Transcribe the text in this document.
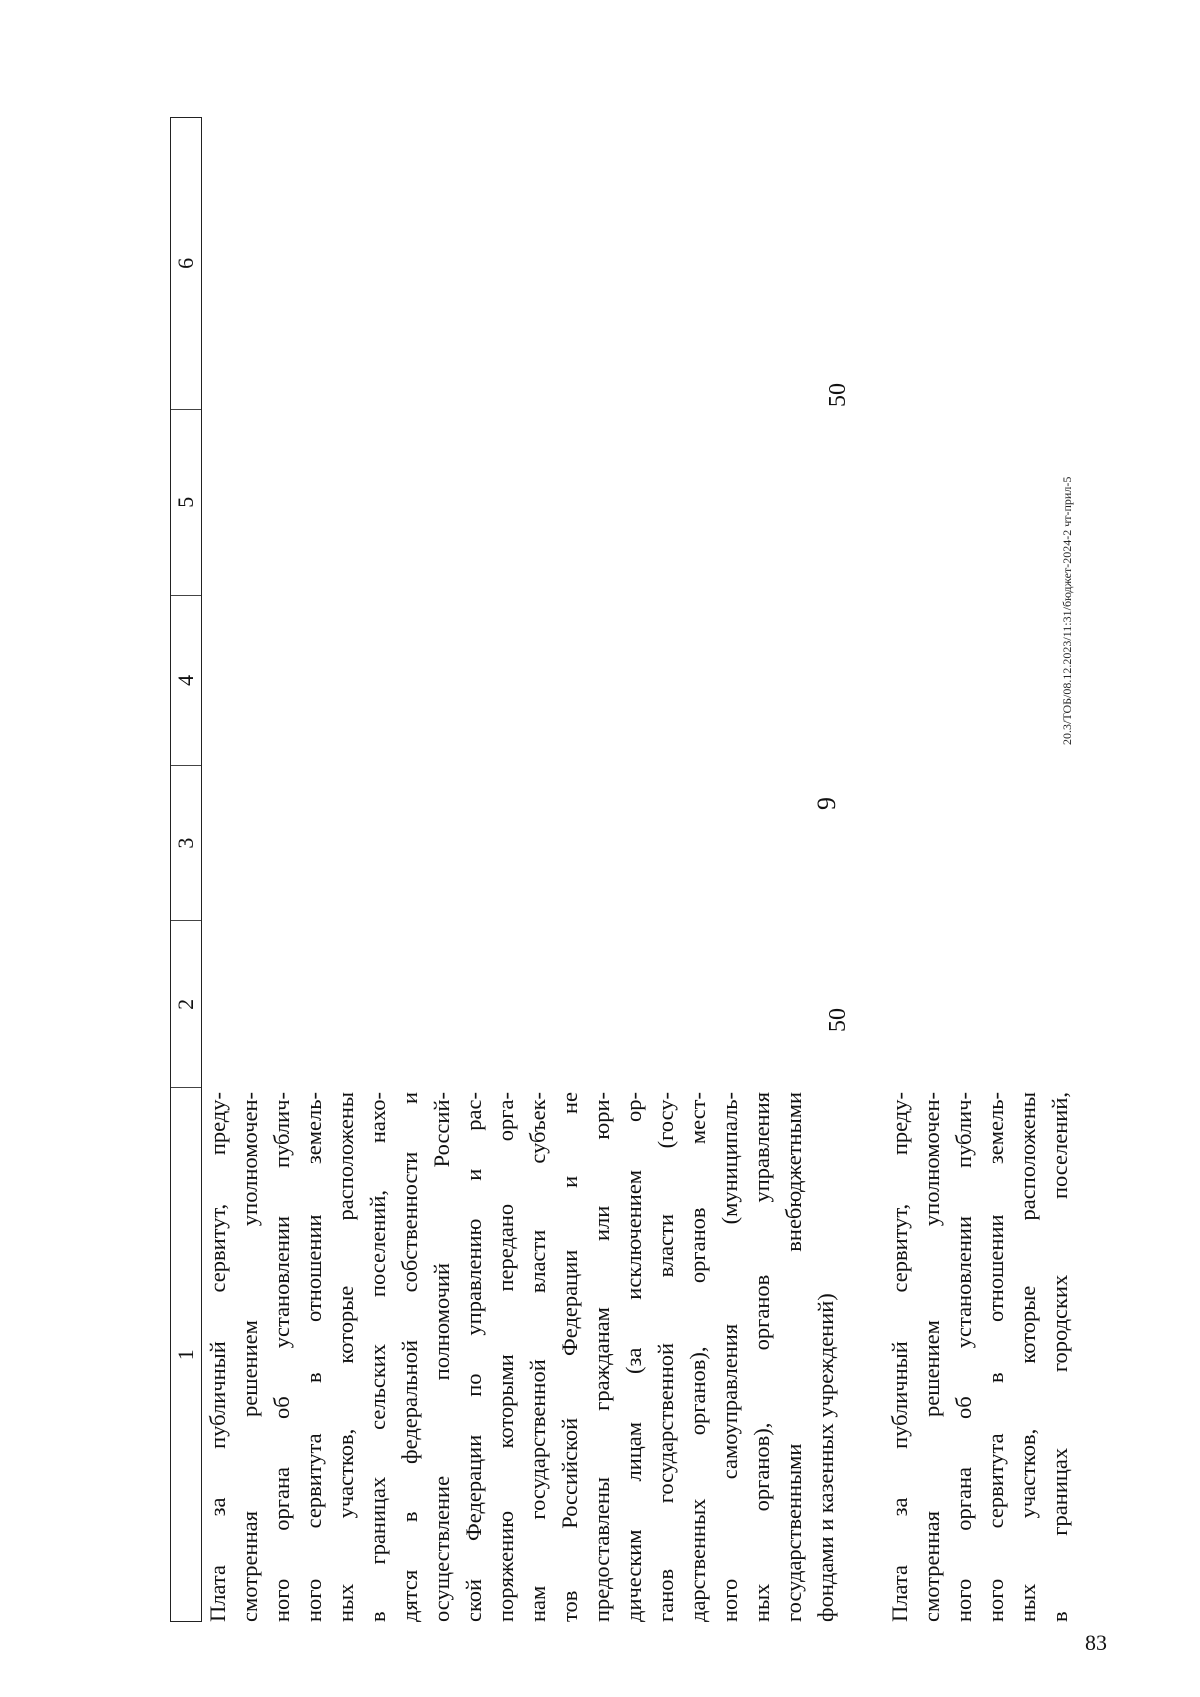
9
1
2
3
4
5
6
Плата за публичный сервитут, преду- смотренная решением уполномочен- ного органа об установлении публич- ного сервитута в отношении земель- ных участков, которые расположены в границах сельских поселений, нахо- дятся в федеральной собственности и осуществление полномочий Россий- ской Федерации по управлению и рас- поряжению которыми передано орга- нам государственной власти субъек- тов Российской Федерации и не предоставлены гражданам или юри- дическим лицам (за исключением ор- ганов государственной власти (госу- дарственных органов), органов мест- ного самоуправления (муниципаль- ных органов), органов управления государственными внебюджетными фондами и казенных учреждений)
50
50
Плата за публичный сервитут, преду- смотренная решением уполномочен- ного органа об установлении публич- ного сервитута в отношении земель- ных участков, которые расположены в границах городских поселений,
83
20.3/ТОБ/08.12.2023/11:31/бюджет-2024-2 чт-прил-5
